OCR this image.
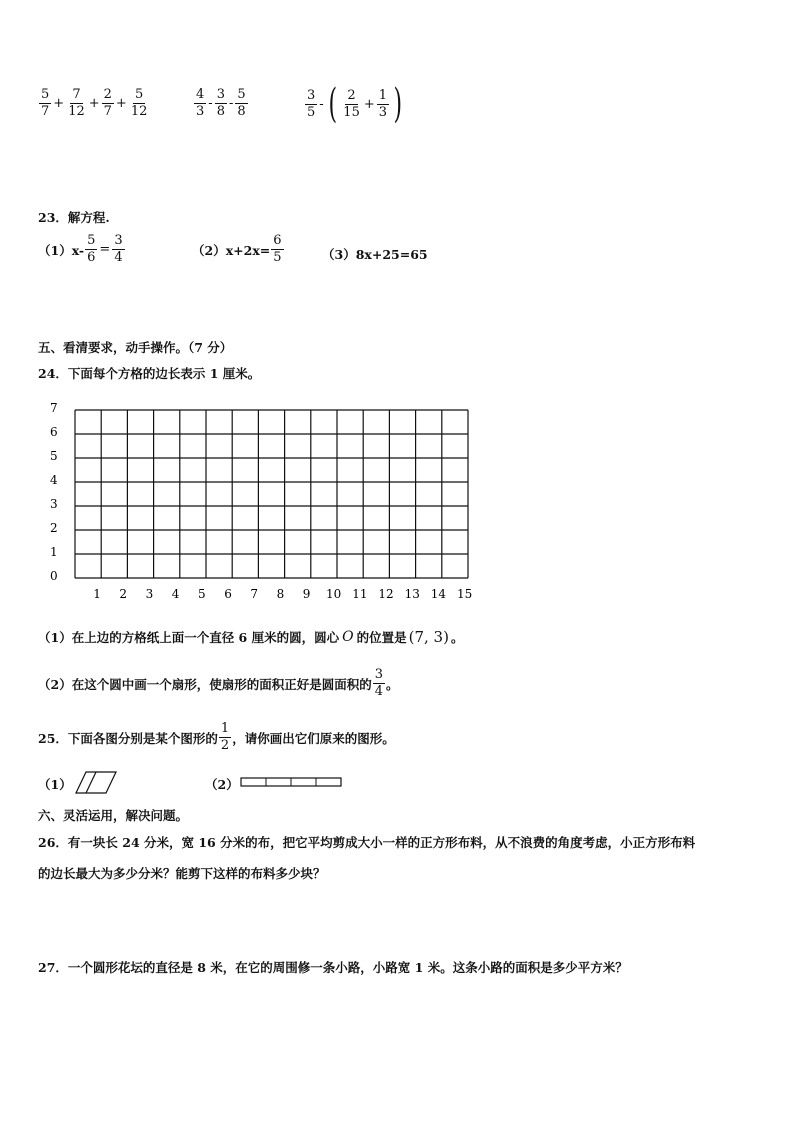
$\frac{5}{7} + \frac{7}{12} + \frac{2}{7} + \frac{5}{12}$	$\frac{4}{3} - \frac{3}{8} - \frac{5}{8}$	$\frac{3}{5}$ - ( $\frac{2}{15} + \frac{1}{3}$ )
23．解方程.
$(1)x- \frac{5}{6} = \frac{3}{4}$	$(2)x+2x= \frac{6}{5}$	（3）8x+25=65
五、看清要求，动手操作。（7 分）
24．下面每个方格的边长表示 1 厘米。
1 2 3 4 5 6 7 8 9 10 11 12 13 14 15
0
1
2
3
4
5
6
7
（1）在上边的方格纸上面一个直径 6 厘米的圆，圆心 O 的位置是 (7, 3) 。
（2）在这个圆中画一个扇形，使扇形的面积正好是圆面积的 $\frac{3}{4}$ 。
25．下面各图分别是某个图形的 $\frac{1}{2}$ ，请你画出它们原来的图形。
（1）	（2）
六、灵活运用，解决问题。
26．有一块长 24 分米，宽 16 分米的布，把它平均剪成大小一样的正方形布料，从不浪费的角度考虑，小正方形布料
的边长最大为多少分米？能剪下这样的布料多少块？
27．一个圆形花坛的直径是 8 米，在它的周围修一条小路，小路宽 1 米。这条小路的面积是多少平方米？
